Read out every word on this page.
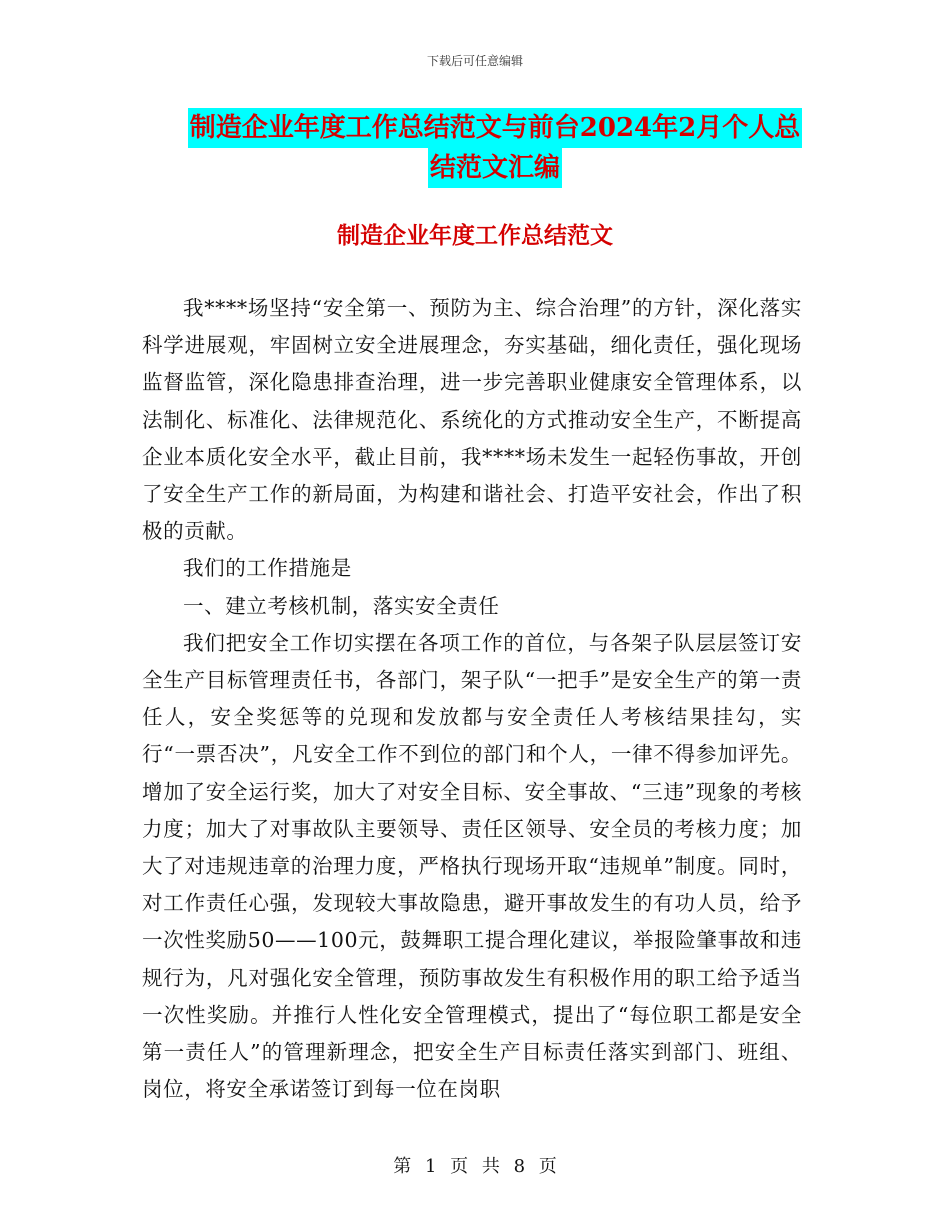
下载后可任意编辑
制造企业年度工作总结范文与前台2024年2月个人总
结范文汇编
制造企业年度工作总结范文

我****场坚持“安全第一、预防为主、综合治理”的方针，深化落实科学进展观，牢固树立安全进展理念，夯实基础，细化责任，强化现场监督监管，深化隐患排查治理，进一步完善职业健康安全管理体系，以法制化、标准化、法律规范化、系统化的方式推动安全生产，不断提高企业本质化安全水平，截止目前，我****场未发生一起轻伤事故，开创了安全生产工作的新局面，为构建和谐社会、打造平安社会，作出了积极的贡献。

我们的工作措施是

一、建立考核机制，落实安全责任

我们把安全工作切实摆在各项工作的首位，与各架子队层层签订安全生产目标管理责任书，各部门，架子队“一把手”是安全生产的第一责任人，安全奖惩等的兑现和发放都与安全责任人考核结果挂勾，实行“一票否决”，凡安全工作不到位的部门和个人，一律不得参加评先。增加了安全运行奖，加大了对安全目标、安全事故、“三违”现象的考核力度；加大了对事故队主要领导、责任区领导、安全员的考核力度；加大了对违规违章的治理力度，严格执行现场开取“违规单”制度。同时，对工作责任心强，发现较大事故隐患，避开事故发生的有功人员，给予一次性奖励50——100元，鼓舞职工提合理化建议，举报险肇事故和违规行为，凡对强化安全管理，预防事故发生有积极作用的职工给予适当一次性奖励。并推行人性化安全管理模式，提出了“每位职工都是安全第一责任人”的管理新理念，把安全生产目标责任落实到部门、班组、岗位，将安全承诺签订到每一位在岗职

第 1 页 共 8 页
